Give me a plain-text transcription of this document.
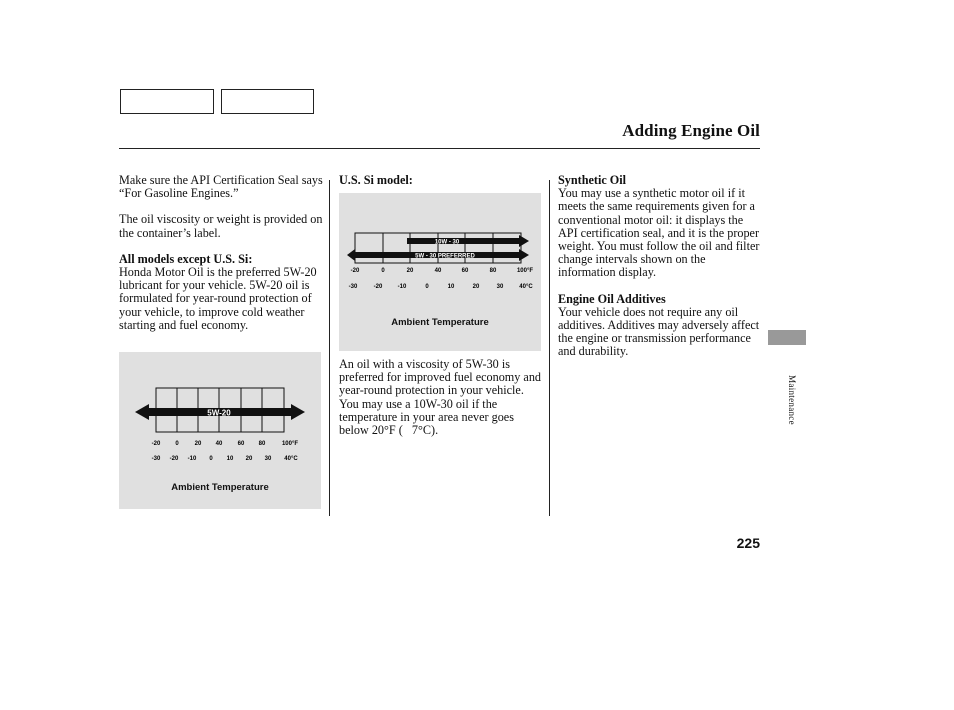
Adding Engine Oil

Make sure the API Certification Seal says “For Gasoline Engines.”

The oil viscosity or weight is provided on the container’s label.

All models except U.S. Si:

Honda Motor Oil is the preferred 5W-20 lubricant for your vehicle. 5W-20 oil is formulated for year-round protection of your vehicle, to improve cold weather starting and fuel economy.

5W-20
-20 0	20 40	60 80	100°F
-30 -20 -10 0 10 20 30 40°C
Ambient Temperature

U.S. Si model:

10W - 30
5W - 30 PREFERRED
-20	0	20	40	60	80	100°F
-30	-20	-10	0	10	20	30	40°C
Ambient Temperature

An oil with a viscosity of 5W-30 is preferred for improved fuel economy and year-round protection in your vehicle. You may use a 10W-30 oil if the temperature in your area never goes below 20°F (   7°C).

Synthetic Oil

You may use a synthetic motor oil if it meets the same requirements given for a conventional motor oil: it displays the API certification seal, and it is the proper weight. You must follow the oil and filter change intervals shown on the information display.

Engine Oil Additives

Your vehicle does not require any oil additives. Additives may adversely affect the engine or transmission performance and durability.

Maintenance
225
